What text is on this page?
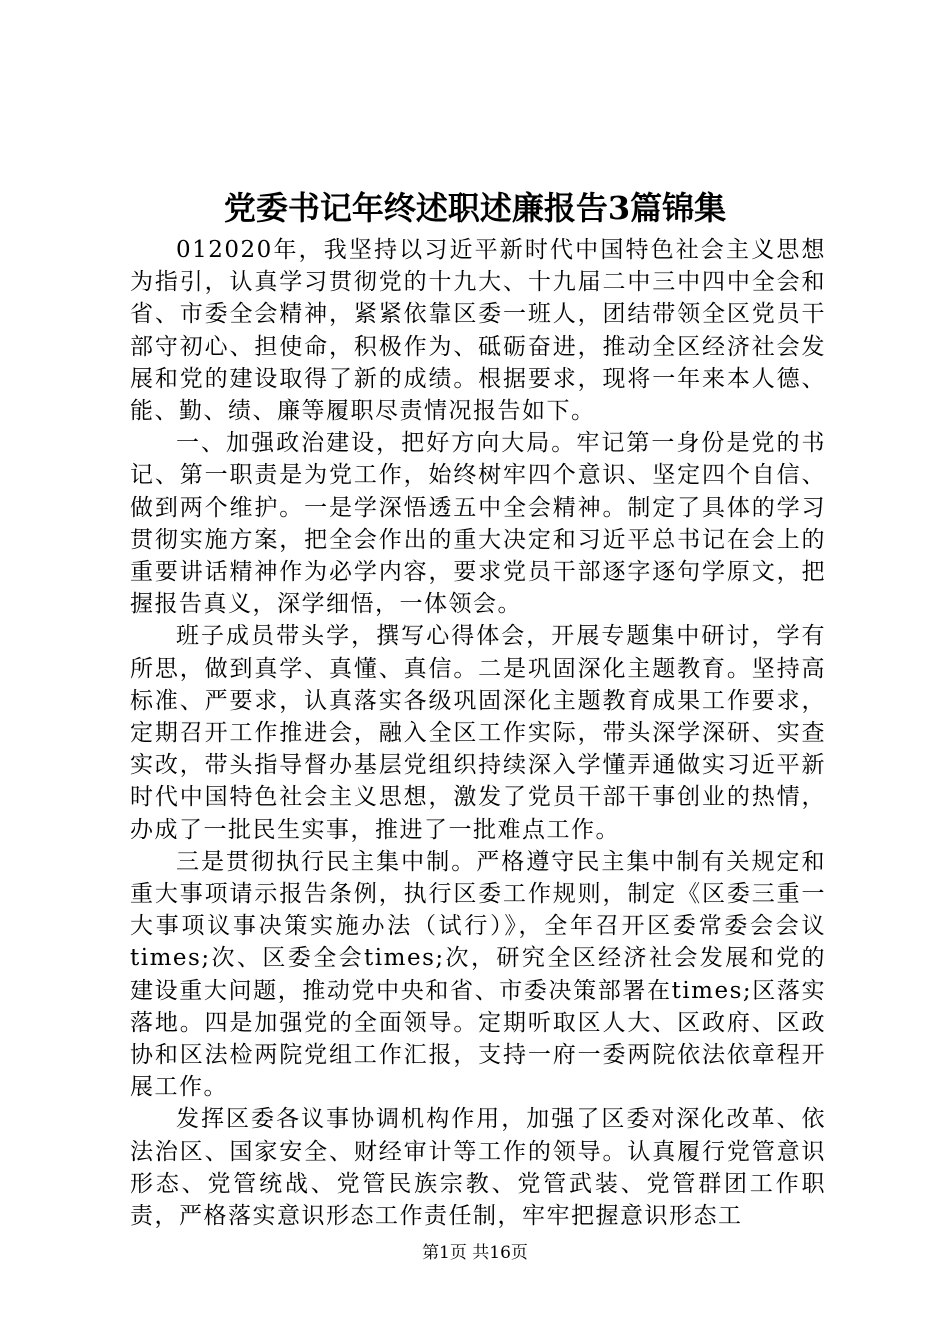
党委书记年终述职述廉报告3篇锦集

012020年，我坚持以习近平新时代中国特色社会主义思想为指引，认真学习贯彻党的十九大、十九届二中三中四中全会和省、市委全会精神，紧紧依靠区委一班人，团结带领全区党员干部守初心、担使命，积极作为、砥砺奋进，推动全区经济社会发展和党的建设取得了新的成绩。根据要求，现将一年来本人德、能、勤、绩、廉等履职尽责情况报告如下。

一、加强政治建设，把好方向大局。牢记第一身份是党的书记、第一职责是为党工作，始终树牢四个意识、坚定四个自信、做到两个维护。一是学深悟透五中全会精神。制定了具体的学习贯彻实施方案，把全会作出的重大决定和习近平总书记在会上的重要讲话精神作为必学内容，要求党员干部逐字逐句学原文，把握报告真义，深学细悟，一体领会。

班子成员带头学，撰写心得体会，开展专题集中研讨，学有所思，做到真学、真懂、真信。二是巩固深化主题教育。坚持高标准、严要求，认真落实各级巩固深化主题教育成果工作要求，定期召开工作推进会，融入全区工作实际，带头深学深研、实查实改，带头指导督办基层党组织持续深入学懂弄通做实习近平新时代中国特色社会主义思想，激发了党员干部干事创业的热情，办成了一批民生实事，推进了一批难点工作。

三是贯彻执行民主集中制。严格遵守民主集中制有关规定和重大事项请示报告条例，执行区委工作规则，制定《区委三重一大事项议事决策实施办法（试行）》，全年召开区委常委会会议times;次、区委全会times;次，研究全区经济社会发展和党的建设重大问题，推动党中央和省、市委决策部署在times;区落实落地。四是加强党的全面领导。定期听取区人大、区政府、区政协和区法检两院党组工作汇报，支持一府一委两院依法依章程开展工作。

发挥区委各议事协调机构作用，加强了区委对深化改革、依法治区、国家安全、财经审计等工作的领导。认真履行党管意识形态、党管统战、党管民族宗教、党管武装、党管群团工作职责，严格落实意识形态工作责任制，牢牢把握意识形态工

第1页 共16页
